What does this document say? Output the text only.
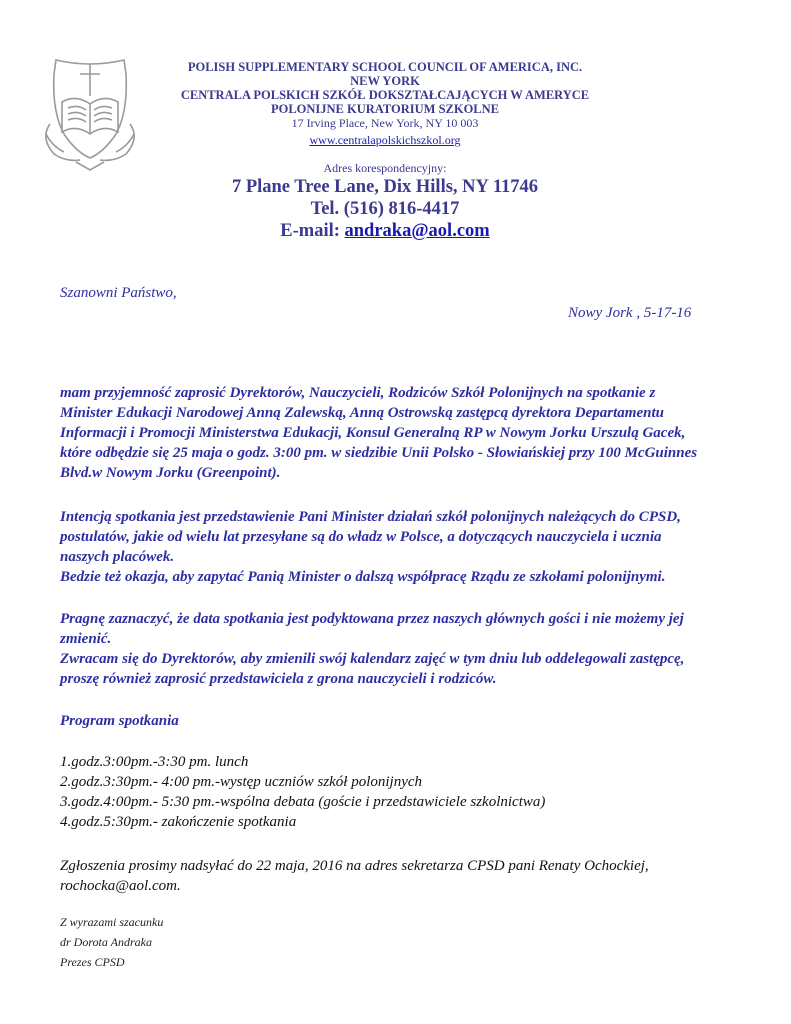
POLISH SUPPLEMENTARY SCHOOL COUNCIL OF AMERICA, INC.
NEW YORK
CENTRALA POLSKICH SZKÓŁ DOKSZTAŁCAJĄCYCH W AMERYCE
POLONIJNE KURATORIUM SZKOLNE
17 Irving Place, New York, NY 10 003
www.centralapolskichszkol.org
Adres korespondencyjny:
7 Plane Tree Lane, Dix Hills, NY 11746
Tel. (516) 816-4417
E-mail: andraka@aol.com
Szanowni Państwo,
Nowy Jork , 5-17-16
mam przyjemność zaprosić Dyrektorów, Nauczycieli, Rodziców Szkół Polonijnych na spotkanie z
Minister Edukacji Narodowej Anną Zalewską, Anną Ostrowską zastępcą dyrektora Departamentu
Informacji i Promocji Ministerstwa Edukacji, Konsul Generalną RP w Nowym Jorku Urszulą Gacek,
które odbędzie się 25 maja o godz. 3:00 pm. w siedzibie Unii Polsko - Słowiańskiej przy 100 McGuinnes
Blvd.w Nowym Jorku (Greenpoint).
Intencją spotkania jest przedstawienie Pani Minister działań szkół polonijnych należących do CPSD,
postulatów, jakie od wielu lat przesyłane są do władz w Polsce, a dotyczących nauczyciela i ucznia
naszych placówek.
Bedzie też okazja, aby zapytać Panią Minister o dalszą współpracę Rządu ze szkołami polonijnymi.
Pragnę zaznaczyć, że data spotkania jest podyktowana przez naszych głównych gości i nie możemy jej
zmienić.
Zwracam się do Dyrektorów, aby zmienili swój kalendarz zajęć w tym dniu lub oddelegowali zastępcę,
proszę również zaprosić przedstawiciela z grona nauczycieli i rodziców.
Program spotkania
1.godz.3:00pm.-3:30 pm. lunch
2.godz.3:30pm.- 4:00 pm.-występ uczniów szkół polonijnych
3.godz.4:00pm.- 5:30 pm.-wspólna debata (goście i przedstawiciele szkolnictwa)
4.godz.5:30pm.- zakończenie spotkania
Zgłoszenia prosimy nadsyłać do 22 maja, 2016 na adres sekretarza CPSD pani Renaty Ochockiej,
rochocka@aol.com.
Z wyrazami szacunku
dr Dorota Andraka
Prezes CPSD
